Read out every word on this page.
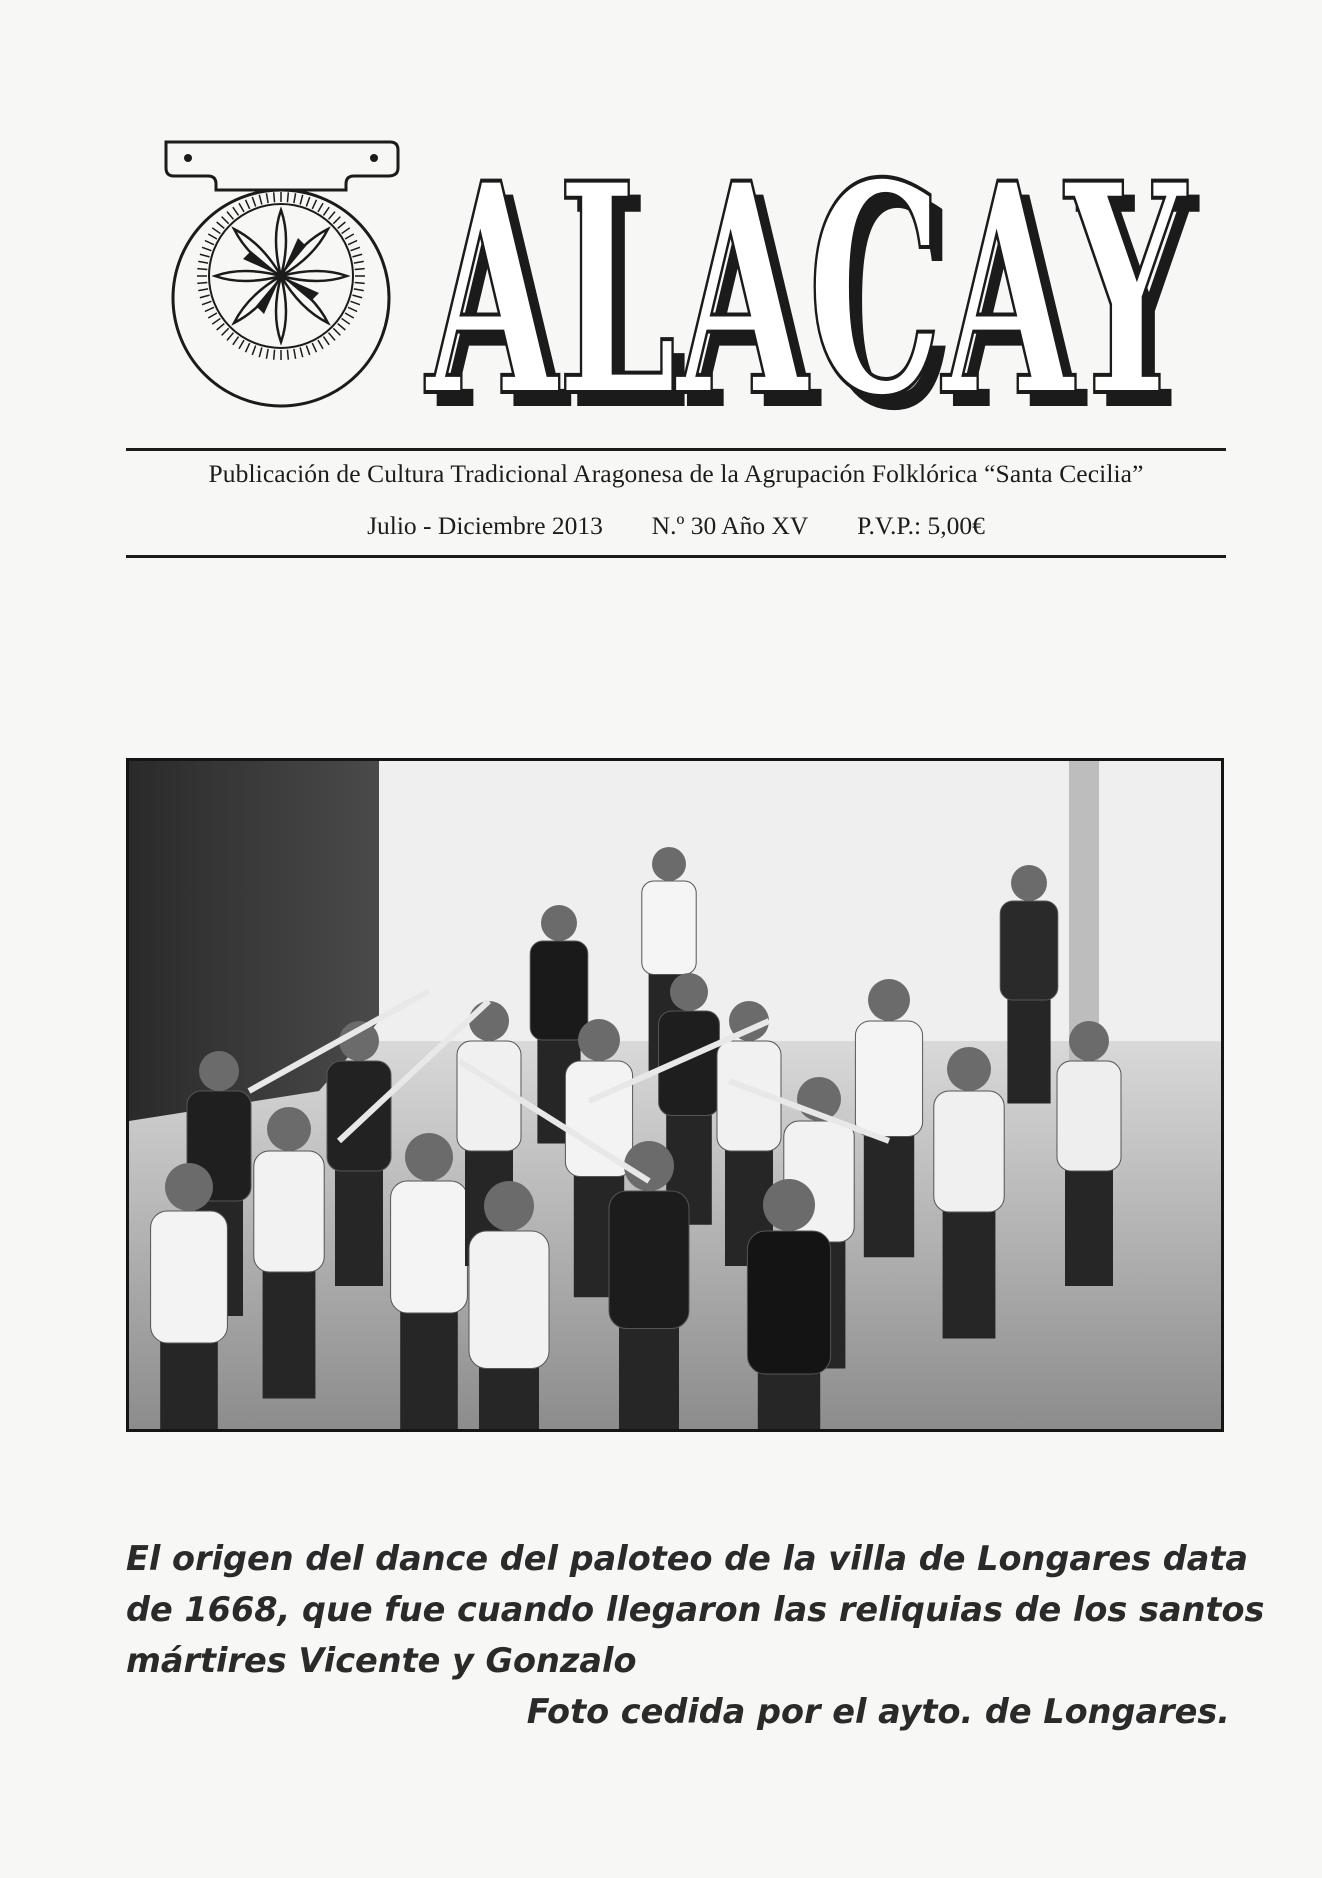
ALACAY
ALACAY
Publicación de Cultura Tradicional Aragonesa de la Agrupación Folklórica “Santa Cecilia”
Julio - Diciembre 2013 N.º 30 Año XV P.V.P.: 5,00€
El origen del dance del paloteo de la villa de Longares data
de 1668, que fue cuando llegaron las reliquias de los santos
mártires Vicente y Gonzalo
Foto cedida por el ayto. de Longares.
